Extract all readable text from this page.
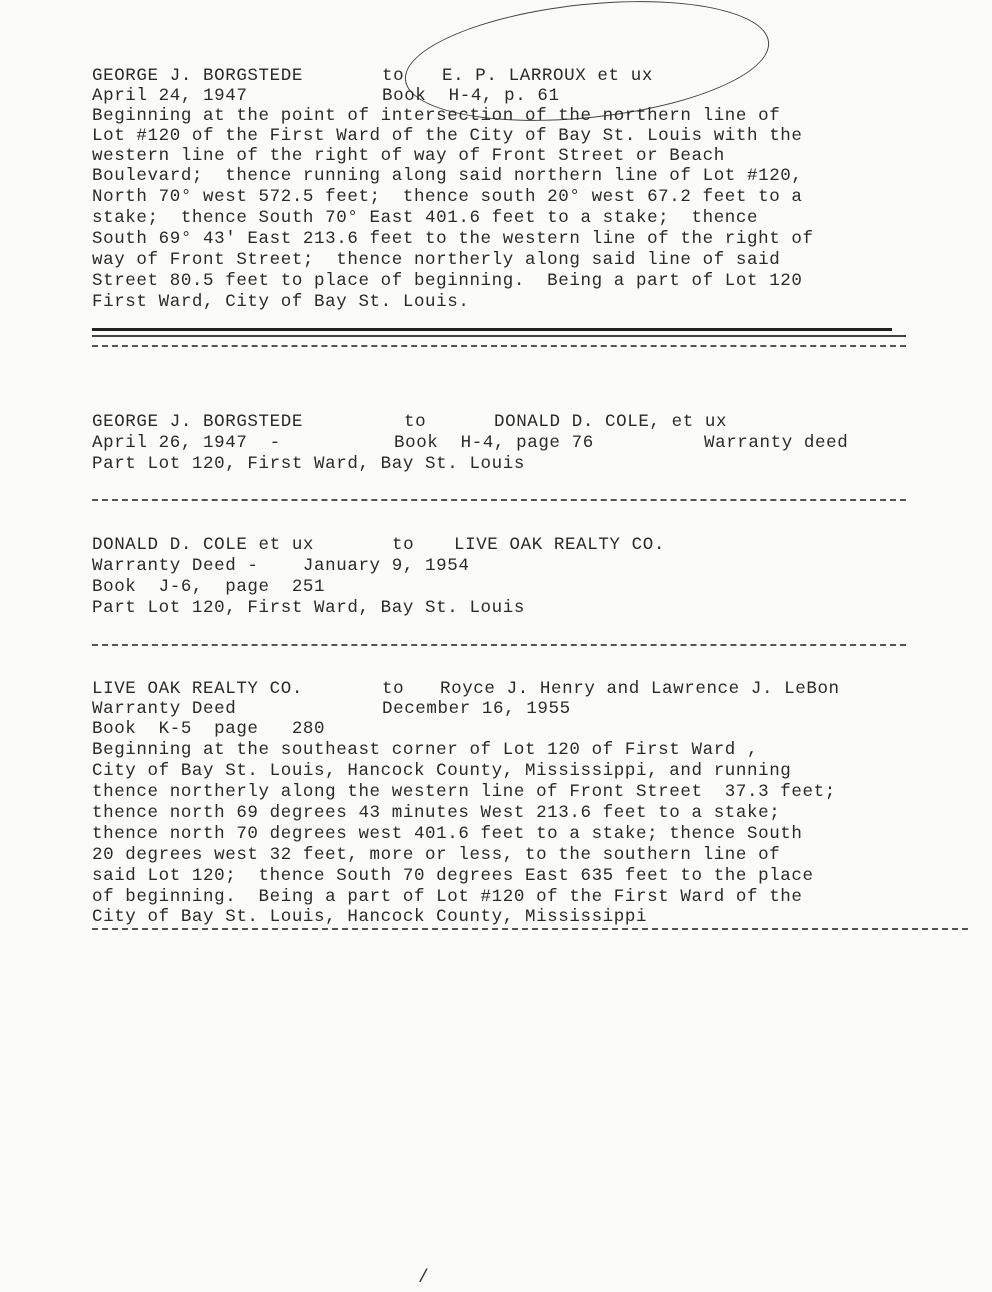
GEORGE J. BORGSTEDE	to E. P. LARROUX et ux
April 24, 1947	Book  H-4, p. 61
Beginning at the point of intersection of the northern line of
Lot #120 of the First Ward of the City of Bay St. Louis with the
western line of the right of way of Front Street or Beach
Boulevard;  thence running along said northern line of Lot #120,
North 70° west 572.5 feet;  thence south 20° west 67.2 feet to a
stake;  thence South 70° East 401.6 feet to a stake;  thence
South 69° 43' East 213.6 feet to the western line of the right of
way of Front Street;  thence northerly along said line of said
Street 80.5 feet to place of beginning.  Being a part of Lot 120
First Ward, City of Bay St. Louis.
GEORGE J. BORGSTEDE	to	DONALD D. COLE, et ux
April 26, 1947  -	Book  H-4, page 76	Warranty deed
Part Lot 120, First Ward, Bay St. Louis
DONALD D. COLE et ux	to LIVE OAK REALTY CO.
Warranty Deed -    January 9, 1954
Book  J-6,  page  251
Part Lot 120, First Ward, Bay St. Louis
LIVE OAK REALTY CO.	to Royce J. Henry and Lawrence J. LeBon
Warranty Deed	December 16, 1955
Book  K-5  page   280
Beginning at the southeast corner of Lot 120 of First Ward ,
City of Bay St. Louis, Hancock County, Mississippi, and running
thence northerly along the western line of Front Street  37.3 feet;
thence north 69 degrees 43 minutes West 213.6 feet to a stake;
thence north 70 degrees west 401.6 feet to a stake; thence South
20 degrees west 32 feet, more or less, to the southern line of
said Lot 120;  thence South 70 degrees East 635 feet to the place
of beginning.  Being a part of Lot #120 of the First Ward of the
City of Bay St. Louis, Hancock County, Mississippi
/
